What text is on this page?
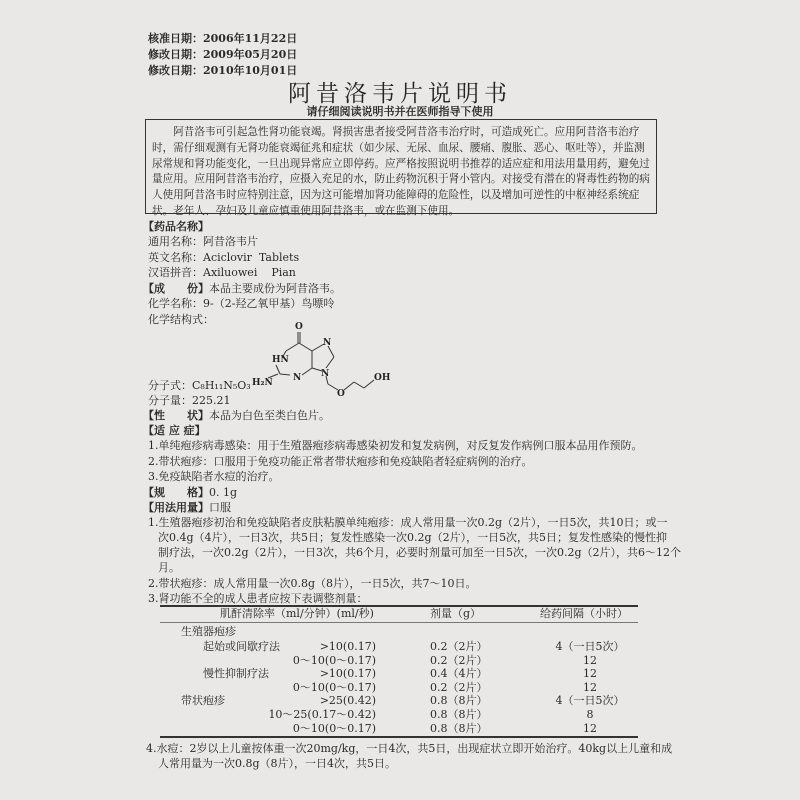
核准日期：2006年11月22日
修改日期：2009年05月20日
修改日期：2010年10月01日
阿昔洛韦片说明书
请仔细阅读说明书并在医师指导下使用
阿昔洛韦可引起急性肾功能衰竭。肾损害患者接受阿昔洛韦治疗时，可造成死亡。应用阿昔洛韦治疗时，需仔细观测有无肾功能衰竭征兆和症状（如少尿、无尿、血尿、腰痛、腹胀、恶心、呕吐等），并监测尿常规和肾功能变化，一旦出现异常应立即停药。应严格按照说明书推荐的适应症和用法用量用药，避免过量应用。应用阿昔洛韦治疗，应摄入充足的水，防止药物沉积于肾小管内。对接受有潜在的肾毒性药物的病人使用阿昔洛韦时应特别注意，因为这可能增加肾功能障碍的危险性，以及增加可逆性的中枢神经系统症状。老年人、孕妇及儿童应慎重使用阿昔洛韦，或在监测下使用。
【药品名称】
通用名称：阿昔洛韦片
英文名称：Aciclovir  Tablets
汉语拼音：Axiluowei    Pian
【成　　份】本品主要成份为阿昔洛韦。
化学名称：9-（2-羟乙氧甲基）鸟嘌呤
化学结构式：
O
HN
N
N
N
H₂N	OH
O
分子式：C₈H₁₁N₅O₃
分子量：225.21
【性　　状】本品为白色至类白色片。
【适 应 症】
1.单纯疱疹病毒感染：用于生殖器疱疹病毒感染初发和复发病例，对反复发作病例口服本品用作预防。
2.带状疱疹：口服用于免疫功能正常者带状疱疹和免疫缺陷者轻症病例的治疗。
3.免疫缺陷者水痘的治疗。
【规　　格】0. 1g
【用法用量】口服
1.生殖器疱疹初治和免疫缺陷者皮肤粘膜单纯疱疹：成人常用量一次0.2g（2片），一日5次，共10日；或一
次0.4g（4片），一日3次，共5日；复发性感染一次0.2g（2片），一日5次，共5日；复发性感染的慢性抑
制疗法，一次0.2g（2片），一日3次，共6个月，必要时剂量可加至一日5次，一次0.2g（2片），共6～12个
月。
2.带状疱疹：成人常用量一次0.8g（8片），一日5次，共7～10日。
3.肾功能不全的成人患者应按下表调整剂量：
肌酐清除率（ml/分钟）(ml/秒)	剂量（g）	给药间隔（小时）
生殖器疱疹
起始或间歇疗法	>10(0.17)	0.2（2片）	4（一日5次）
0～10(0～0.17)	0.2（2片）	12
慢性抑制疗法	>10(0.17)	0.4（4片）	12
0～10(0～0.17)	0.2（2片）	12
带状疱疹	>25(0.42)	0.8（8片）	4（一日5次）
10～25(0.17～0.42)	0.8（8片）	8
0～10(0～0.17)	0.8（8片）	12
4.水痘：2岁以上儿童按体重一次20mg/kg，一日4次，共5日，出现症状立即开始治疗。40kg以上儿童和成
人常用量为一次0.8g（8片），一日4次，共5日。
